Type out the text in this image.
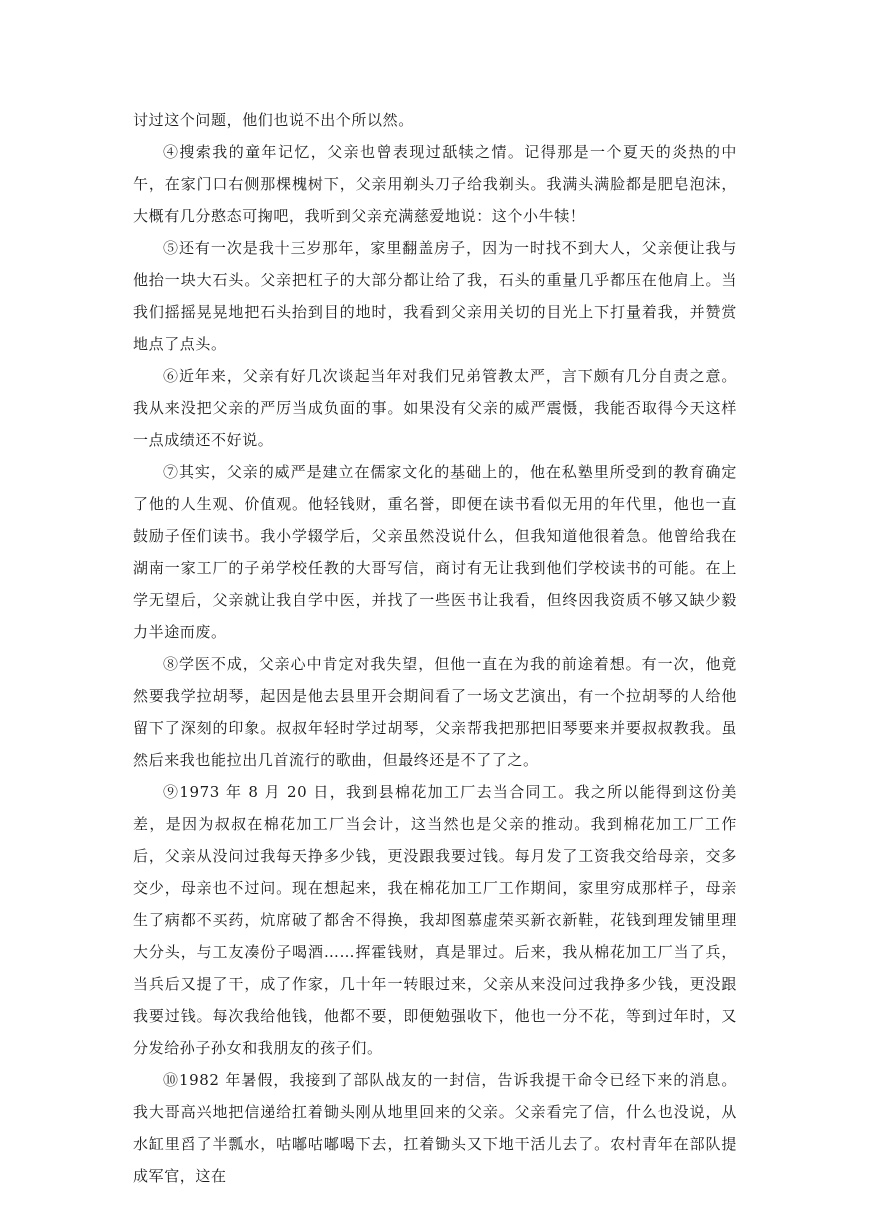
讨过这个问题，他们也说不出个所以然。

④搜索我的童年记忆，父亲也曾表现过舐犊之情。记得那是一个夏天的炎热的中午，在家门口右侧那棵槐树下，父亲用剃头刀子给我剃头。我满头满脸都是肥皂泡沫，大概有几分憨态可掬吧，我听到父亲充满慈爱地说：这个小牛犊！

⑤还有一次是我十三岁那年，家里翻盖房子，因为一时找不到大人，父亲便让我与他抬一块大石头。父亲把杠子的大部分都让给了我，石头的重量几乎都压在他肩上。当我们摇摇晃晃地把石头抬到目的地时，我看到父亲用关切的目光上下打量着我，并赞赏地点了点头。

⑥近年来，父亲有好几次谈起当年对我们兄弟管教太严，言下颇有几分自责之意。我从来没把父亲的严厉当成负面的事。如果没有父亲的威严震慑，我能否取得今天这样一点成绩还不好说。

⑦其实，父亲的威严是建立在儒家文化的基础上的，他在私塾里所受到的教育确定了他的人生观、价值观。他轻钱财，重名誉，即便在读书看似无用的年代里，他也一直鼓励子侄们读书。我小学辍学后，父亲虽然没说什么，但我知道他很着急。他曾给我在湖南一家工厂的子弟学校任教的大哥写信，商讨有无让我到他们学校读书的可能。在上学无望后，父亲就让我自学中医，并找了一些医书让我看，但终因我资质不够又缺少毅力半途而废。

⑧学医不成，父亲心中肯定对我失望，但他一直在为我的前途着想。有一次，他竟然要我学拉胡琴，起因是他去县里开会期间看了一场文艺演出，有一个拉胡琴的人给他留下了深刻的印象。叔叔年轻时学过胡琴，父亲帮我把那把旧琴要来并要叔叔教我。虽然后来我也能拉出几首流行的歌曲，但最终还是不了了之。

⑨1973 年 8 月 20 日，我到县棉花加工厂去当合同工。我之所以能得到这份美差，是因为叔叔在棉花加工厂当会计，这当然也是父亲的推动。我到棉花加工厂工作后，父亲从没问过我每天挣多少钱，更没跟我要过钱。每月发了工资我交给母亲，交多交少，母亲也不过问。现在想起来，我在棉花加工厂工作期间，家里穷成那样子，母亲生了病都不买药，炕席破了都舍不得换，我却图慕虚荣买新衣新鞋，花钱到理发铺里理大分头，与工友凑份子喝酒……挥霍钱财，真是罪过。后来，我从棉花加工厂当了兵，当兵后又提了干，成了作家，几十年一转眼过来，父亲从来没问过我挣多少钱，更没跟我要过钱。每次我给他钱，他都不要，即便勉强收下，他也一分不花，等到过年时，又分发给孙子孙女和我朋友的孩子们。

⑩1982 年暑假，我接到了部队战友的一封信，告诉我提干命令已经下来的消息。我大哥高兴地把信递给扛着锄头刚从地里回来的父亲。父亲看完了信，什么也没说，从水缸里舀了半瓢水，咕嘟咕嘟喝下去，扛着锄头又下地干活儿去了。农村青年在部队提成军官，这在
